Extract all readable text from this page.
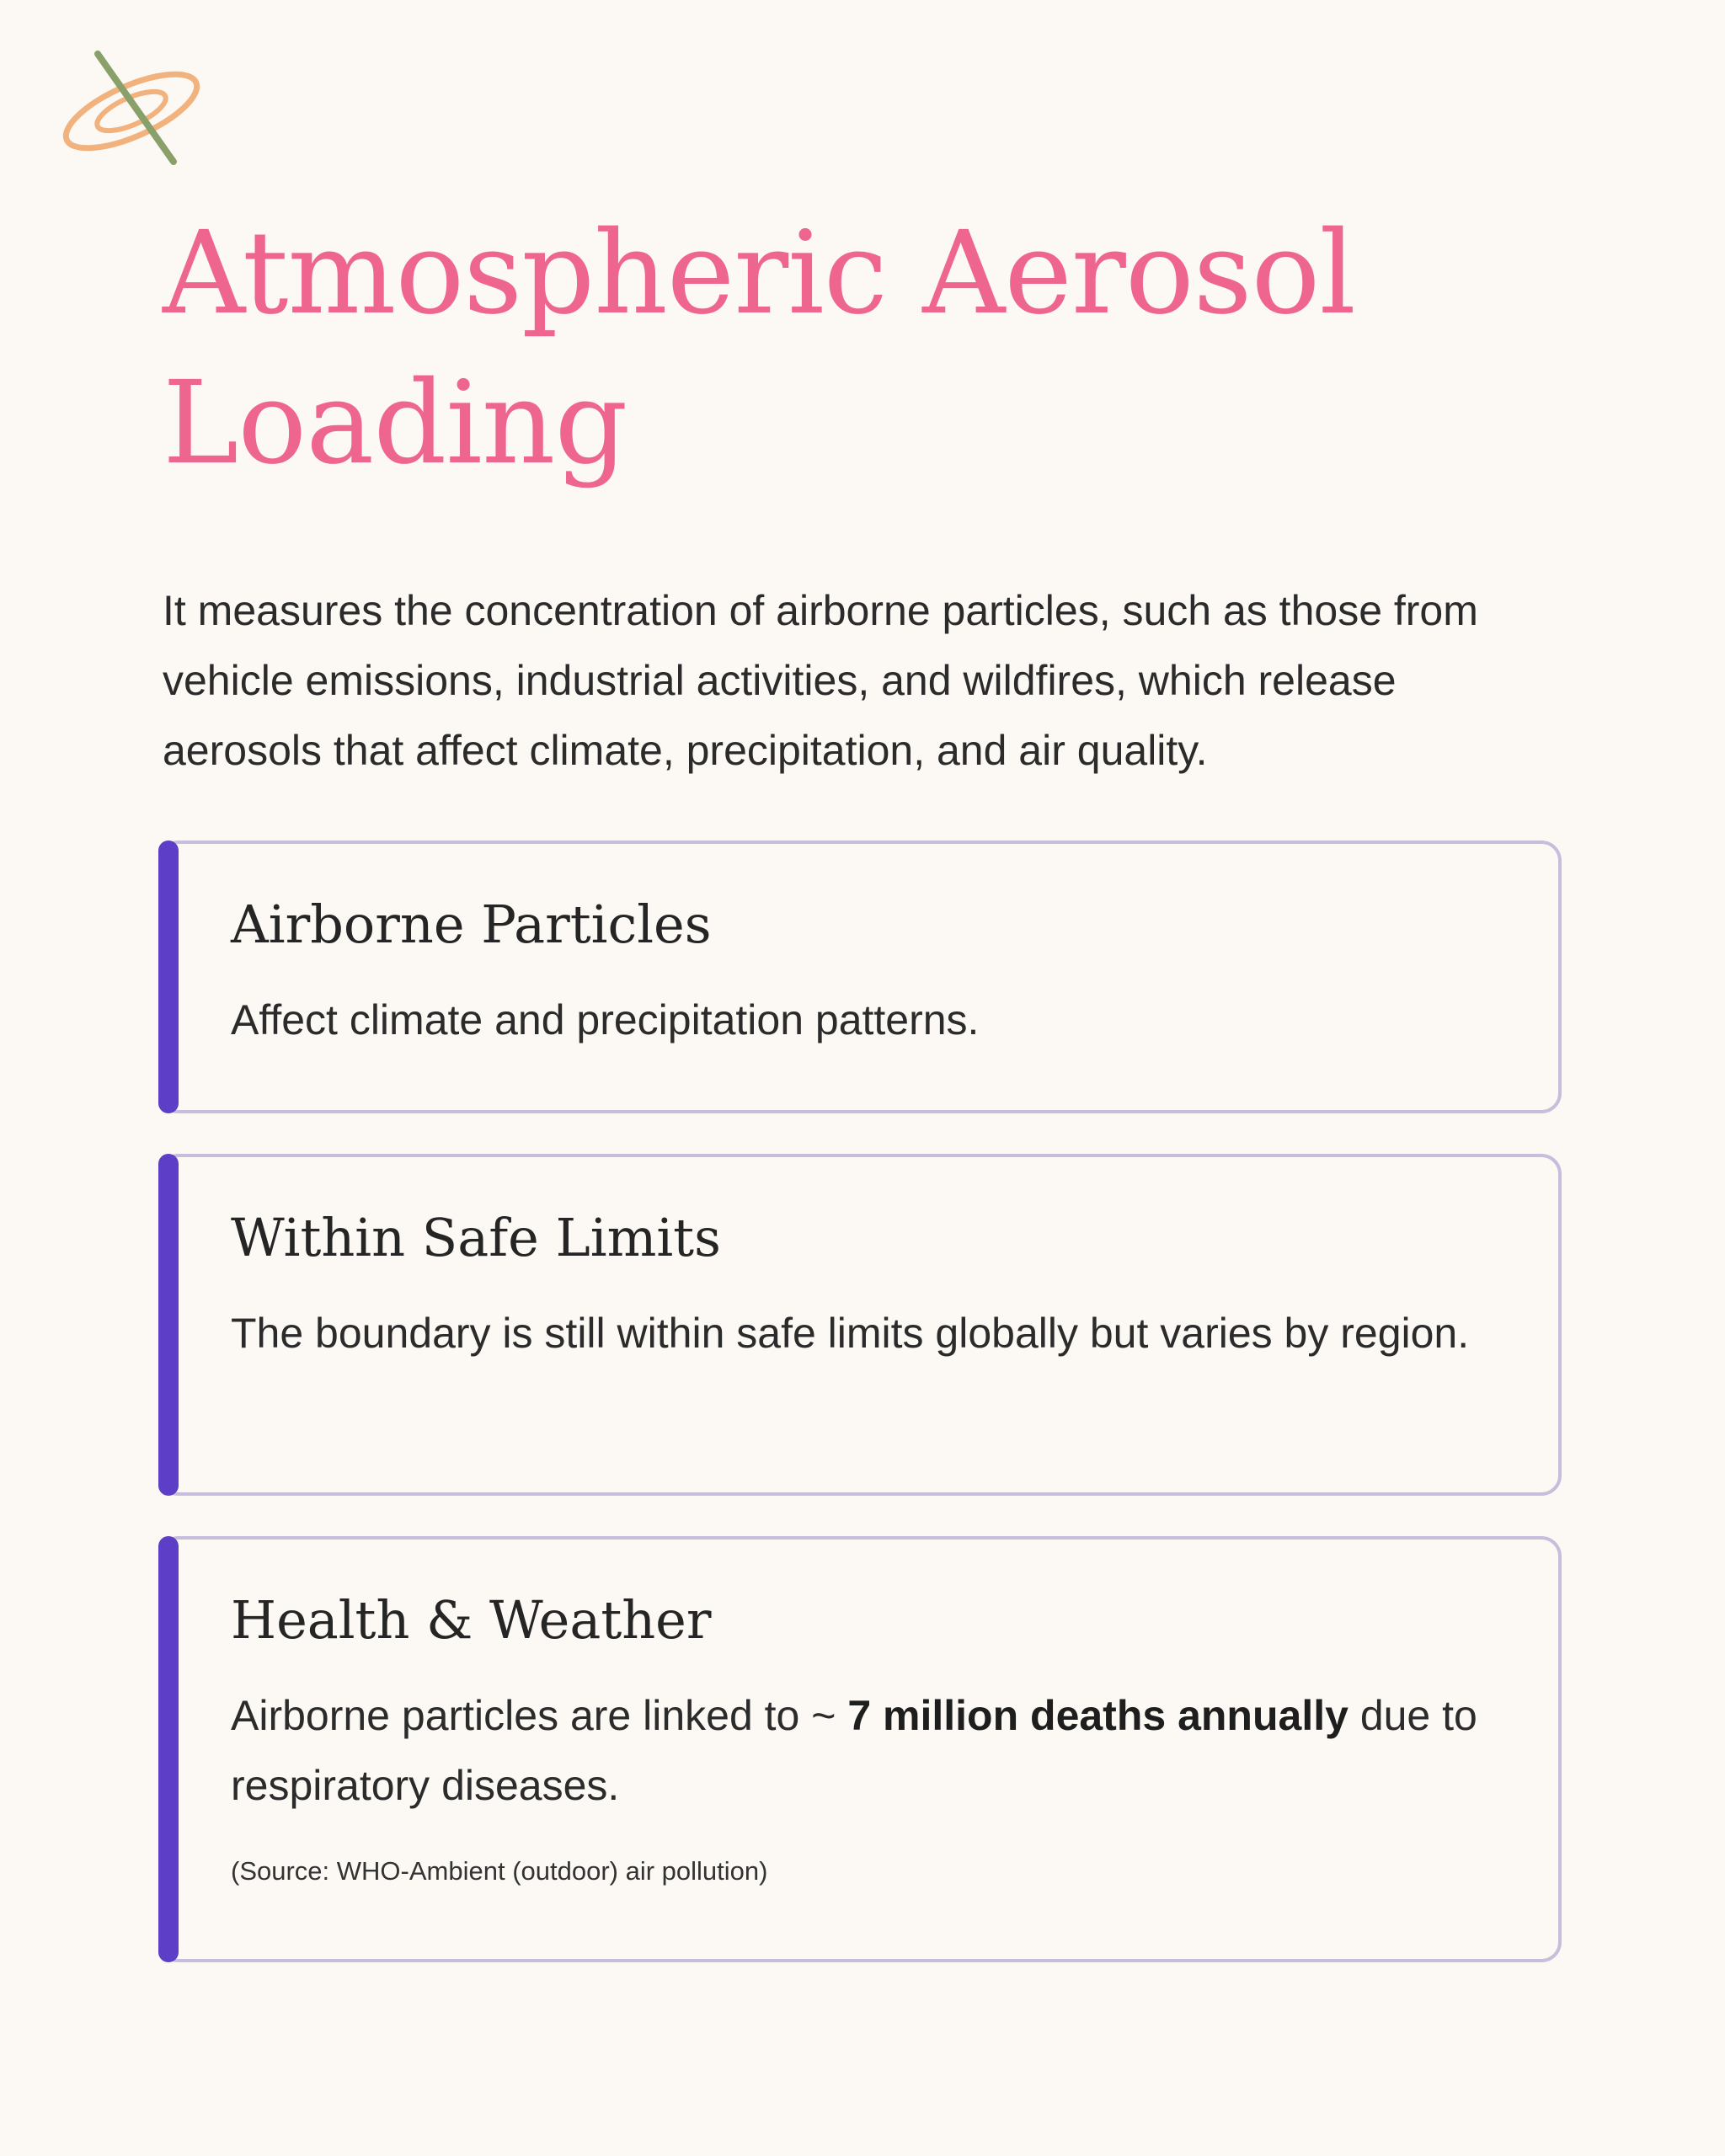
Atmospheric Aerosol Loading

It measures the concentration of airborne particles, such as those from vehicle emissions, industrial activities, and wildfires, which release aerosols that affect climate, precipitation, and air quality.

Airborne Particles

Affect climate and precipitation patterns.

Within Safe Limits

The boundary is still within safe limits globally but varies by region.

Health & Weather

Airborne particles are linked to ~ 7 million deaths annually due to respiratory diseases.

(Source: WHO-Ambient (outdoor) air pollution)
